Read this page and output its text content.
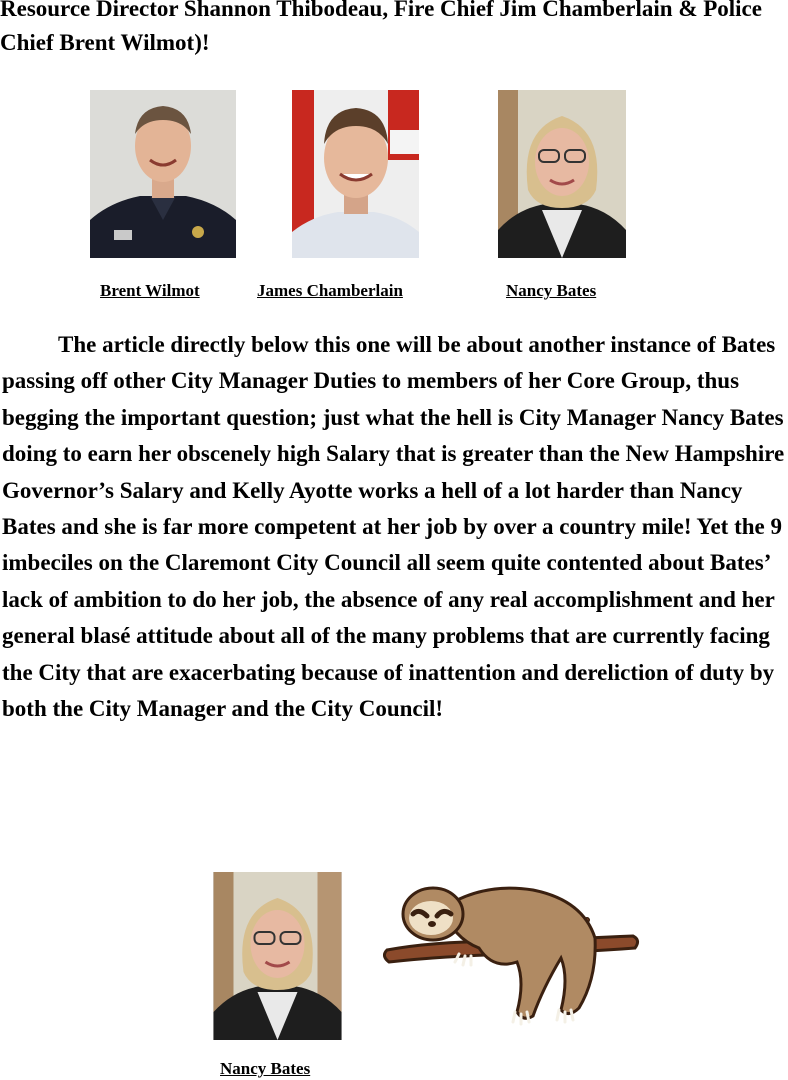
Resource Director Shannon Thibodeau, Fire Chief Jim Chamberlain & Police Chief Brent Wilmot)!

Brent Wilmot	James Chamberlain	Nancy Bates

The article directly below this one will be about another instance of Bates passing off other City Manager Duties to members of her Core Group, thus begging the important question; just what the hell is City Manager Nancy Bates doing to earn her obscenely high Salary that is greater than the New Hampshire Governor’s Salary and Kelly Ayotte works a hell of a lot harder than Nancy Bates and she is far more competent at her job by over a country mile! Yet the 9 imbeciles on the Claremont City Council all seem quite contented about Bates’ lack of ambition to do her job, the absence of any real accomplishment and her general blasé attitude about all of the many problems that are currently facing the City that are exacerbating because of inattention and dereliction of duty by both the City Manager and the City Council!

Nancy Bates
